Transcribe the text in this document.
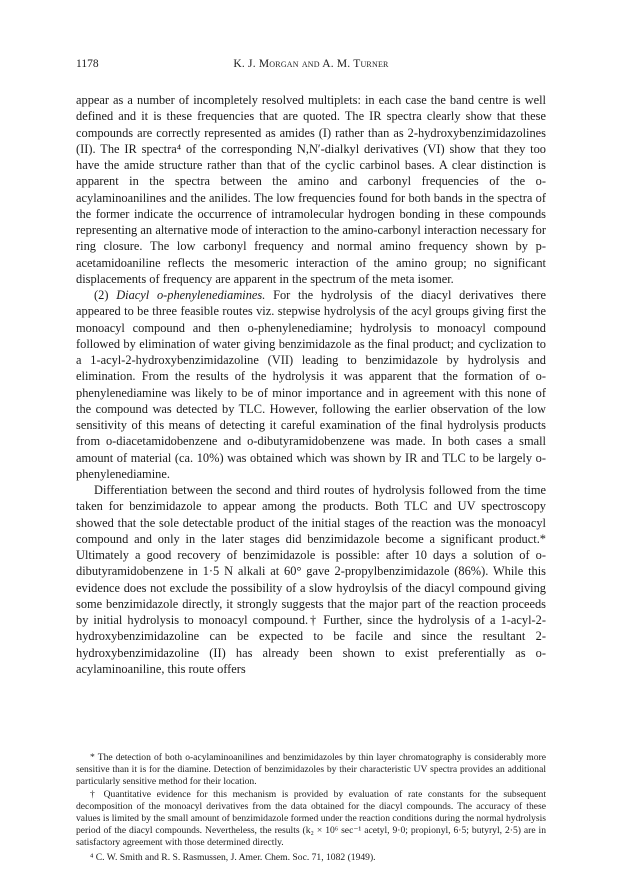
1178	K. J. Morgan and A. M. Turner

appear as a number of incompletely resolved multiplets: in each case the band centre is well defined and it is these frequencies that are quoted. The IR spectra clearly show that these compounds are correctly represented as amides (I) rather than as 2-hydroxybenzimidazolines (II). The IR spectra⁴ of the corresponding N,N′-dialkyl derivatives (VI) show that they too have the amide structure rather than that of the cyclic carbinol bases. A clear distinction is apparent in the spectra between the amino and carbonyl frequencies of the o-acylaminoanilines and the anilides. The low frequencies found for both bands in the spectra of the former indicate the occurrence of intramolecular hydrogen bonding in these compounds representing an alternative mode of interaction to the amino-carbonyl interaction necessary for ring closure. The low carbonyl frequency and normal amino frequency shown by p-acetamidoaniline reflects the mesomeric interaction of the amino group; no significant displacements of frequency are apparent in the spectrum of the meta isomer.

(2) Diacyl o-phenylenediamines. For the hydrolysis of the diacyl derivatives there appeared to be three feasible routes viz. stepwise hydrolysis of the acyl groups giving first the monoacyl compound and then o-phenylenediamine; hydrolysis to monoacyl compound followed by elimination of water giving benzimidazole as the final product; and cyclization to a 1-acyl-2-hydroxybenzimidazoline (VII) leading to benzimidazole by hydrolysis and elimination. From the results of the hydrolysis it was apparent that the formation of o-phenylenediamine was likely to be of minor importance and in agreement with this none of the compound was detected by TLC. However, following the earlier observation of the low sensitivity of this means of detecting it careful examination of the final hydrolysis products from o-diacetamidobenzene and o-dibutyramidobenzene was made. In both cases a small amount of material (ca. 10%) was obtained which was shown by IR and TLC to be largely o-phenylenediamine.

Differentiation between the second and third routes of hydrolysis followed from the time taken for benzimidazole to appear among the products. Both TLC and UV spectroscopy showed that the sole detectable product of the initial stages of the reaction was the monoacyl compound and only in the later stages did benzimidazole become a significant product.* Ultimately a good recovery of benzimidazole is possible: after 10 days a solution of o-dibutyramidobenzene in 1·5 N alkali at 60° gave 2-propylbenzimidazole (86%). While this evidence does not exclude the possibility of a slow hydroylsis of the diacyl compound giving some benzimidazole directly, it strongly suggests that the major part of the reaction proceeds by initial hydrolysis to monoacyl compound.† Further, since the hydrolysis of a 1-acyl-2-hydroxybenzimidazoline can be expected to be facile and since the resultant 2-hydroxybenzimidazoline (II) has already been shown to exist preferentially as o-acylaminoaniline, this route offers

* The detection of both o-acylaminoanilines and benzimidazoles by thin layer chromatography is considerably more sensitive than it is for the diamine. Detection of benzimidazoles by their characteristic UV spectra provides an additional particularly sensitive method for their location.

† Quantitative evidence for this mechanism is provided by evaluation of rate constants for the subsequent decomposition of the monoacyl derivatives from the data obtained for the diacyl compounds. The accuracy of these values is limited by the small amount of benzimidazole formed under the reaction conditions during the normal hydrolysis period of the diacyl compounds. Nevertheless, the results (k₂ × 10⁶ sec⁻¹ acetyl, 9·0; propionyl, 6·5; butyryl, 2·5) are in satisfactory agreement with those determined directly.

⁴ C. W. Smith and R. S. Rasmussen, J. Amer. Chem. Soc. 71, 1082 (1949).
